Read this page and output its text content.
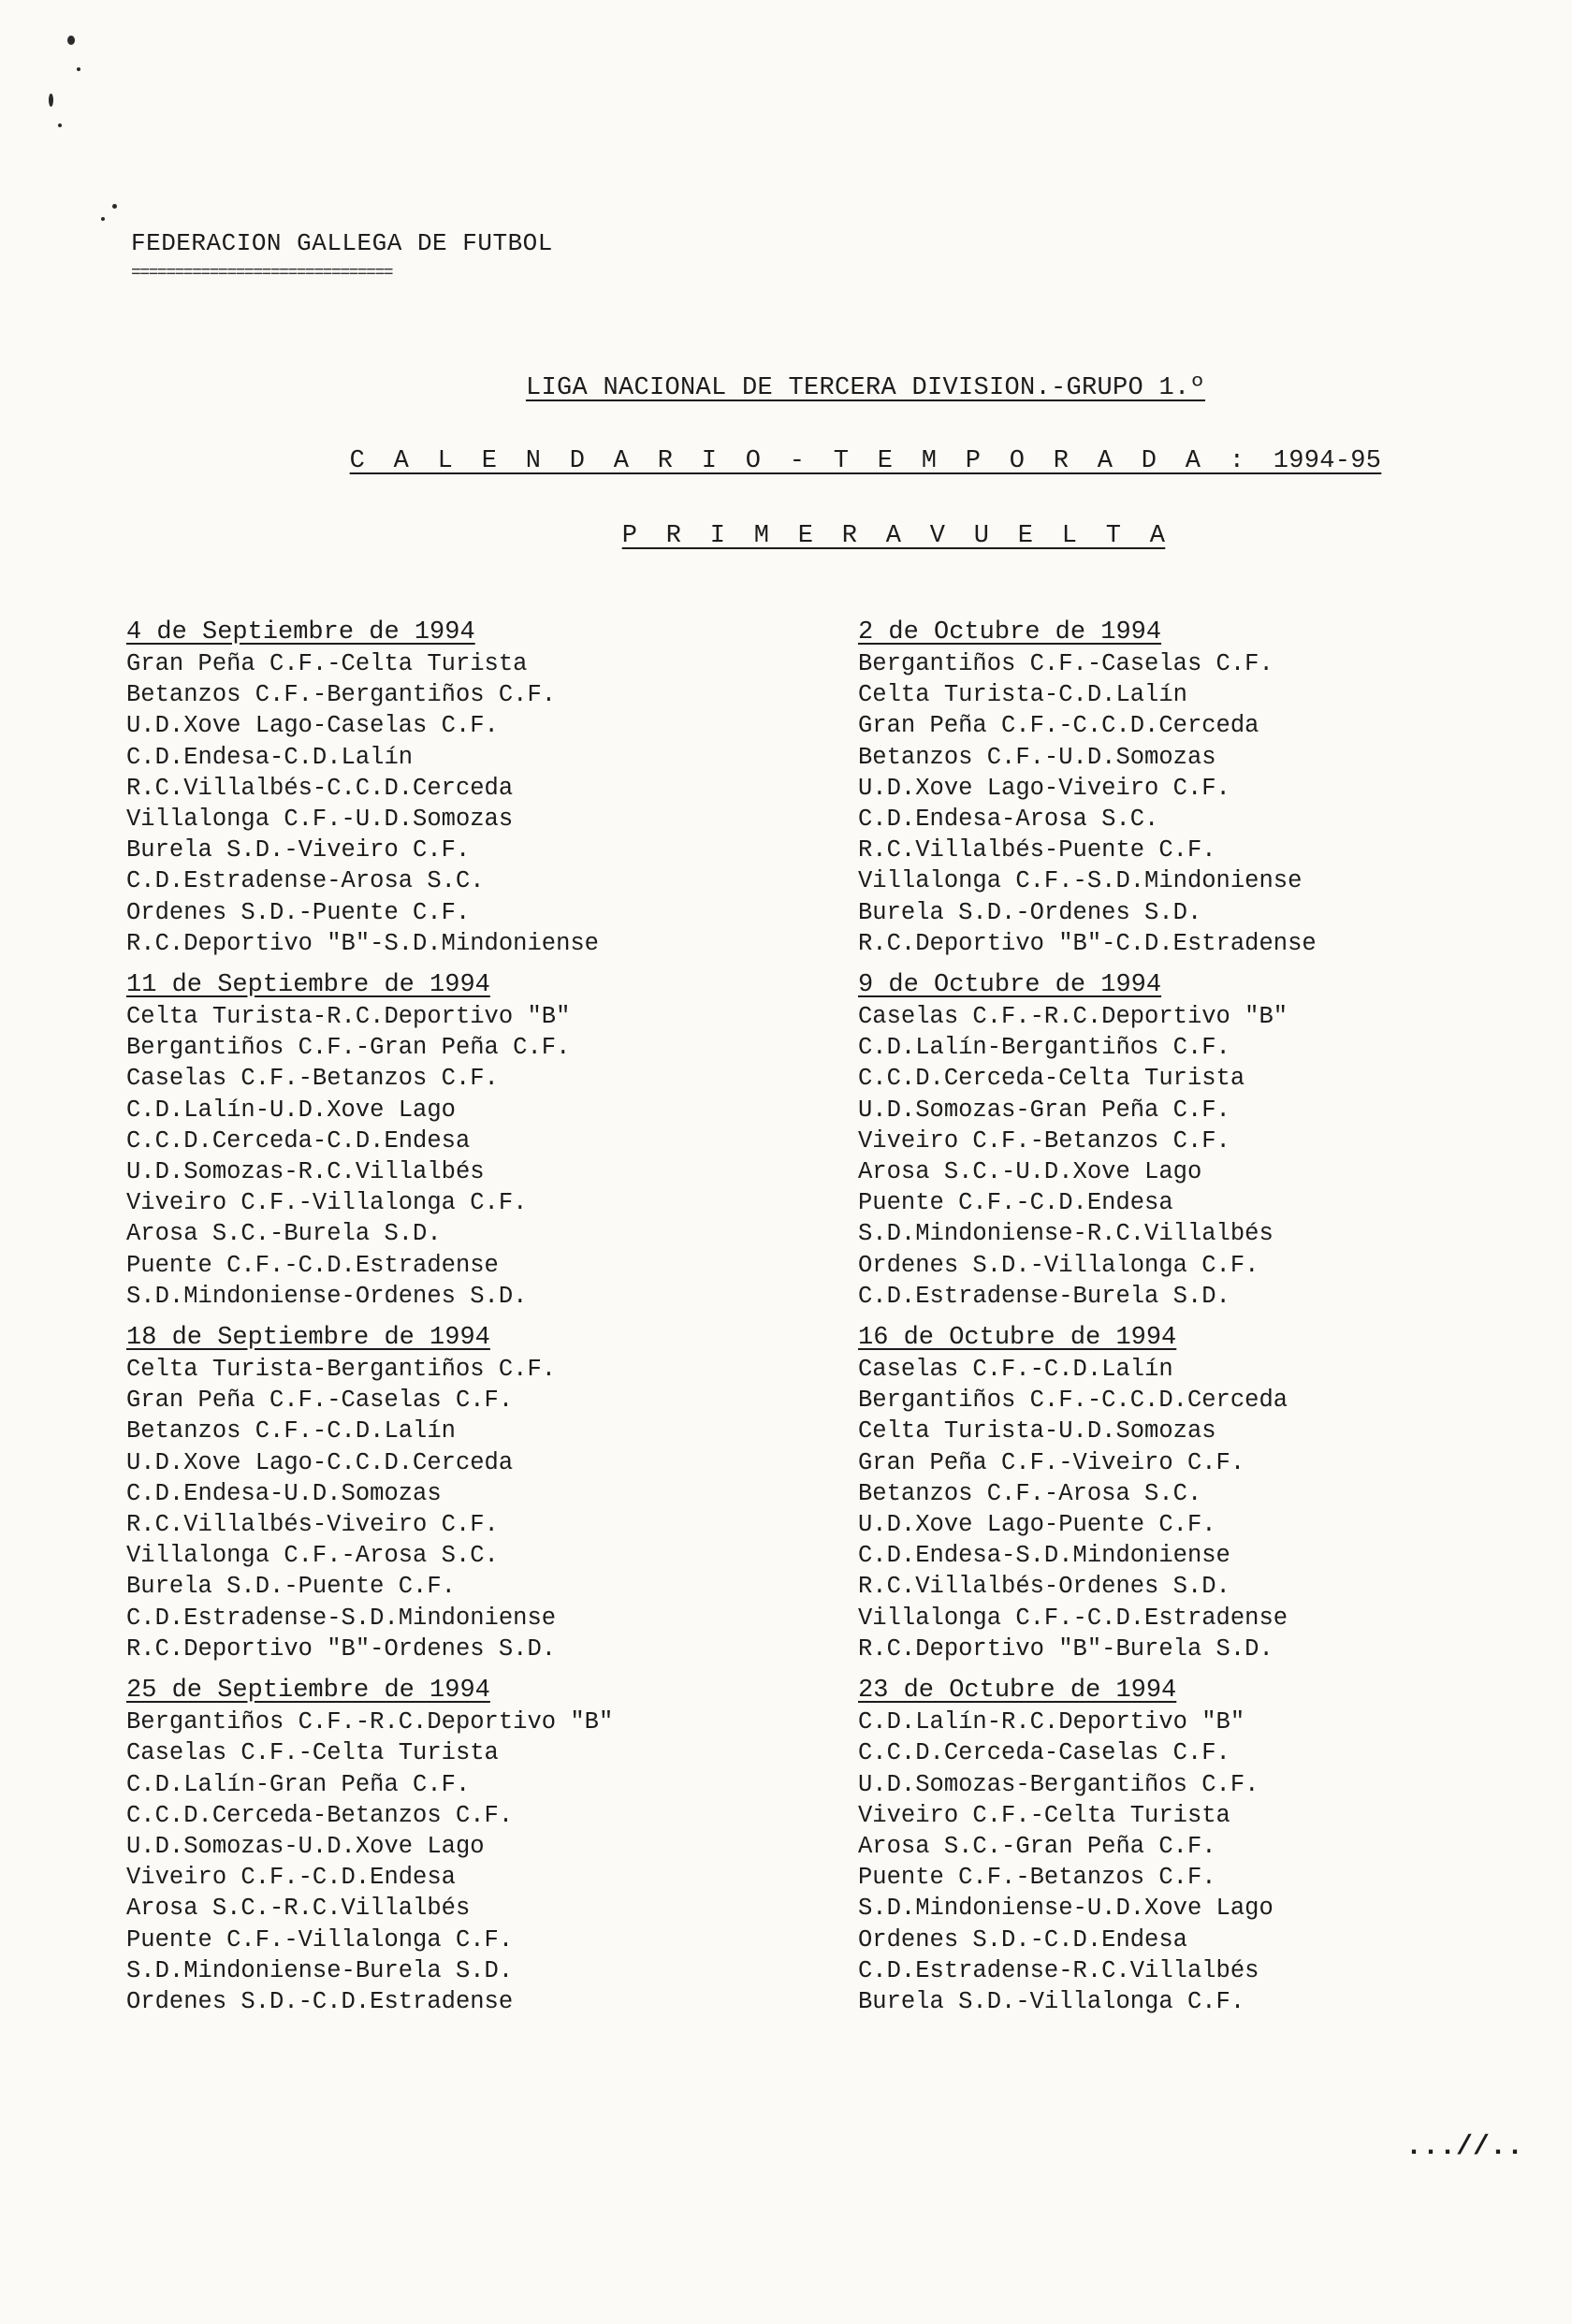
FEDERACION GALLEGA DE FUTBOL
==============================
LIGA NACIONAL DE TERCERA DIVISION.-GRUPO 1.º
C A L E N D A R I O - T E M P O R A D A : 1994-95
P R I M E R A V U E L T A
4 de Septiembre de 1994
Gran Peña C.F.-Celta Turista
Betanzos C.F.-Bergantiños C.F.
U.D.Xove Lago-Caselas C.F.
C.D.Endesa-C.D.Lalín
R.C.Villalbés-C.C.D.Cerceda
Villalonga C.F.-U.D.Somozas
Burela S.D.-Viveiro C.F.
C.D.Estradense-Arosa S.C.
Ordenes S.D.-Puente C.F.
R.C.Deportivo "B"-S.D.Mindoniense
11 de Septiembre de 1994
Celta Turista-R.C.Deportivo "B"
Bergantiños C.F.-Gran Peña C.F.
Caselas C.F.-Betanzos C.F.
C.D.Lalín-U.D.Xove Lago
C.C.D.Cerceda-C.D.Endesa
U.D.Somozas-R.C.Villalbés
Viveiro C.F.-Villalonga C.F.
Arosa S.C.-Burela S.D.
Puente C.F.-C.D.Estradense
S.D.Mindoniense-Ordenes S.D.
18 de Septiembre de 1994
Celta Turista-Bergantiños C.F.
Gran Peña C.F.-Caselas C.F.
Betanzos C.F.-C.D.Lalín
U.D.Xove Lago-C.C.D.Cerceda
C.D.Endesa-U.D.Somozas
R.C.Villalbés-Viveiro C.F.
Villalonga C.F.-Arosa S.C.
Burela S.D.-Puente C.F.
C.D.Estradense-S.D.Mindoniense
R.C.Deportivo "B"-Ordenes S.D.
25 de Septiembre de 1994
Bergantiños C.F.-R.C.Deportivo "B"
Caselas C.F.-Celta Turista
C.D.Lalín-Gran Peña C.F.
C.C.D.Cerceda-Betanzos C.F.
U.D.Somozas-U.D.Xove Lago
Viveiro C.F.-C.D.Endesa
Arosa S.C.-R.C.Villalbés
Puente C.F.-Villalonga C.F.
S.D.Mindoniense-Burela S.D.
Ordenes S.D.-C.D.Estradense
2 de Octubre de 1994
Bergantiños C.F.-Caselas C.F.
Celta Turista-C.D.Lalín
Gran Peña C.F.-C.C.D.Cerceda
Betanzos C.F.-U.D.Somozas
U.D.Xove Lago-Viveiro C.F.
C.D.Endesa-Arosa S.C.
R.C.Villalbés-Puente C.F.
Villalonga C.F.-S.D.Mindoniense
Burela S.D.-Ordenes S.D.
R.C.Deportivo "B"-C.D.Estradense
9 de Octubre de 1994
Caselas C.F.-R.C.Deportivo "B"
C.D.Lalín-Bergantiños C.F.
C.C.D.Cerceda-Celta Turista
U.D.Somozas-Gran Peña C.F.
Viveiro C.F.-Betanzos C.F.
Arosa S.C.-U.D.Xove Lago
Puente C.F.-C.D.Endesa
S.D.Mindoniense-R.C.Villalbés
Ordenes S.D.-Villalonga C.F.
C.D.Estradense-Burela S.D.
16 de Octubre de 1994
Caselas C.F.-C.D.Lalín
Bergantiños C.F.-C.C.D.Cerceda
Celta Turista-U.D.Somozas
Gran Peña C.F.-Viveiro C.F.
Betanzos C.F.-Arosa S.C.
U.D.Xove Lago-Puente C.F.
C.D.Endesa-S.D.Mindoniense
R.C.Villalbés-Ordenes S.D.
Villalonga C.F.-C.D.Estradense
R.C.Deportivo "B"-Burela S.D.
23 de Octubre de 1994
C.D.Lalín-R.C.Deportivo "B"
C.C.D.Cerceda-Caselas C.F.
U.D.Somozas-Bergantiños C.F.
Viveiro C.F.-Celta Turista
Arosa S.C.-Gran Peña C.F.
Puente C.F.-Betanzos C.F.
S.D.Mindoniense-U.D.Xove Lago
Ordenes S.D.-C.D.Endesa
C.D.Estradense-R.C.Villalbés
Burela S.D.-Villalonga C.F.
...//..
